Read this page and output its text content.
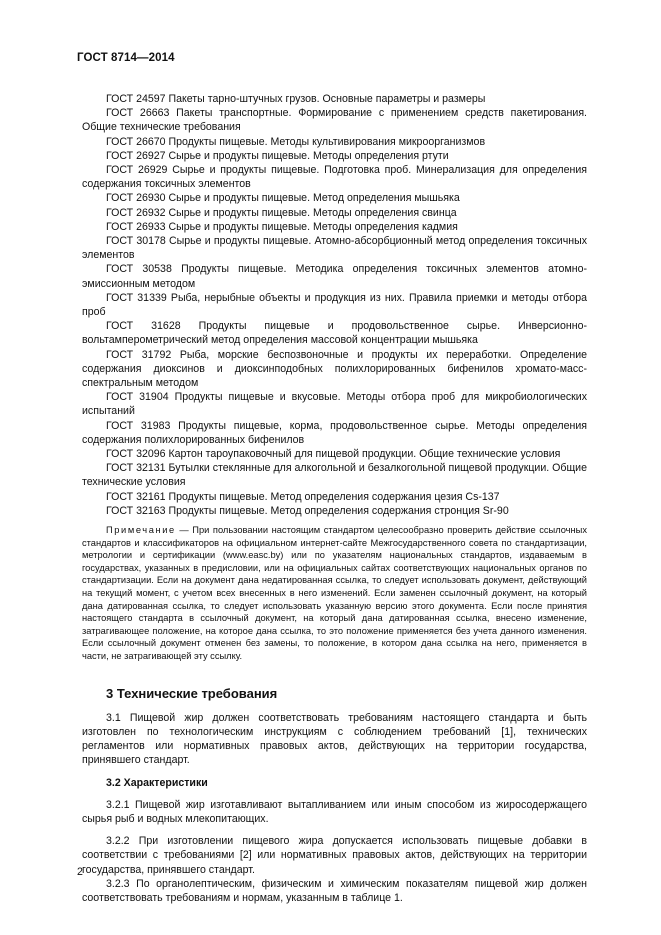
ГОСТ 8714—2014

ГОСТ 24597 Пакеты тарно-штучных грузов. Основные параметры и размеры

ГОСТ 26663 Пакеты транспортные. Формирование с применением средств пакетирования. Общие технические требования

ГОСТ 26670 Продукты пищевые. Методы культивирования микроорганизмов

ГОСТ 26927 Сырье и продукты пищевые. Методы определения ртути

ГОСТ 26929 Сырье и продукты пищевые. Подготовка проб. Минерализация для определения содержания токсичных элементов

ГОСТ 26930 Сырье и продукты пищевые. Метод определения мышьяка

ГОСТ 26932 Сырье и продукты пищевые. Методы определения свинца

ГОСТ 26933 Сырье и продукты пищевые. Методы определения кадмия

ГОСТ 30178 Сырье и продукты пищевые. Атомно-абсорбционный метод определения токсичных элементов

ГОСТ 30538 Продукты пищевые. Методика определения токсичных элементов атомно-эмиссионным методом

ГОСТ 31339 Рыба, нерыбные объекты и продукция из них. Правила приемки и методы отбора проб

ГОСТ 31628 Продукты пищевые и продовольственное сырье. Инверсионно-вольтамперометрический метод определения массовой концентрации мышьяка

ГОСТ 31792 Рыба, морские беспозвоночные и продукты их переработки. Определение содержания диоксинов и диоксинподобных полихлорированных бифенилов хромато-масс-спектральным методом

ГОСТ 31904 Продукты пищевые и вкусовые. Методы отбора проб для микробиологических испытаний

ГОСТ 31983 Продукты пищевые, корма, продовольственное сырье. Методы определения содержания полихлорированных бифенилов

ГОСТ 32096 Картон тароупаковочный для пищевой продукции. Общие технические условия

ГОСТ 32131 Бутылки стеклянные для алкогольной и безалкогольной пищевой продукции. Общие технические условия

ГОСТ 32161 Продукты пищевые. Метод определения содержания цезия Cs-137

ГОСТ 32163 Продукты пищевые. Метод определения содержания стронция Sr-90

Примечание — При пользовании настоящим стандартом целесообразно проверить действие ссылочных стандартов и классификаторов на официальном интернет-сайте Межгосударственного совета по стандартизации, метрологии и сертификации (www.easc.by) или по указателям национальных стандартов, издаваемым в государствах, указанных в предисловии, или на официальных сайтах соответствующих национальных органов по стандартизации. Если на документ дана недатированная ссылка, то следует использовать документ, действующий на текущий момент, с учетом всех внесенных в него изменений. Если заменен ссылочный документ, на который дана датированная ссылка, то следует использовать указанную версию этого документа. Если после принятия настоящего стандарта в ссылочный документ, на который дана датированная ссылка, внесено изменение, затрагивающее положение, на которое дана ссылка, то это положение применяется без учета данного изменения. Если ссылочный документ отменен без замены, то положение, в котором дана ссылка на него, применяется в части, не затрагивающей эту ссылку.

3 Технические требования

3.1 Пищевой жир должен соответствовать требованиям настоящего стандарта и быть изготовлен по технологическим инструкциям с соблюдением требований [1], технических регламентов или нормативных правовых актов, действующих на территории государства, принявшего стандарт.

3.2 Характеристики

3.2.1 Пищевой жир изготавливают вытапливанием или иным способом из жиросодержащего сырья рыб и водных млекопитающих.

3.2.2 При изготовлении пищевого жира допускается использовать пищевые добавки в соответствии с требованиями [2] или нормативных правовых актов, действующих на территории государства, принявшего стандарт.

3.2.3 По органолептическим, физическим и химическим показателям пищевой жир должен соответствовать требованиям и нормам, указанным в таблице 1.

2
